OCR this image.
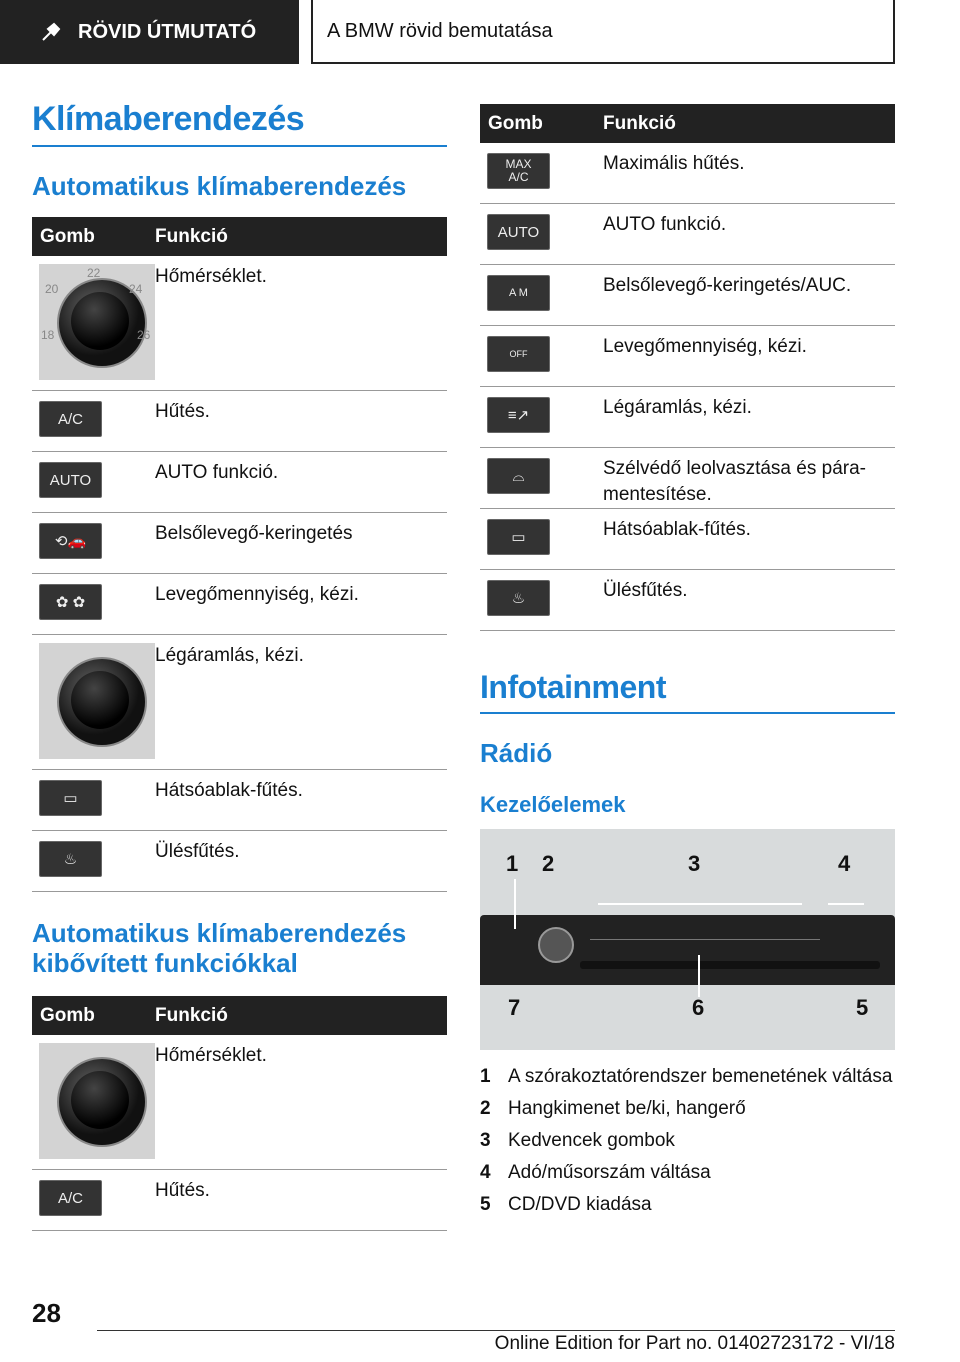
RÖVID ÚTMUTATÓ	A BMW rövid bemutatása
Klímaberendezés
Automatikus klímaberendezés
Gomb	Funkció

20
22
24
18 26	Hőmérséklet.

A/C	Hűtés.

AUTO	AUTO funkció.

⟲🚗	Belsőlevegő-keringetés

✿ ✿	Levegőmennyiség, kézi.

	Légáramlás, kézi.

▭	Hátsóablak-fűtés.

♨	Ülésfűtés.
Automatikus klímaberendezés kibővített funkciókkal
Gomb	Funkció

	Hőmérséklet.

A/C	Hűtés.
Gomb	Funkció

MAX
A/C	Maximális hűtés.

AUTO	AUTO funkció.

A M	Belsőlevegő-keringetés/AUC.

OFF	Levegőmennyiség, kézi.

≡↗	Légáramlás, kézi.

⌓	Szélvédő leolvasztása és pára-mentesítése.

▭	Hátsóablak-fűtés.

♨	Ülésfűtés.
Infotainment
Rádió
Kezelőelemek
1 2	3	4
7	6	5
1 A szórakoztatórendszer bemenetének váltása
2 Hangkimenet be/ki, hangerő
3 Kedvencek gombok
4 Adó/műsorszám váltása
5 CD/DVD kiadása
28
Online Edition for Part no. 01402723172 - VI/18
